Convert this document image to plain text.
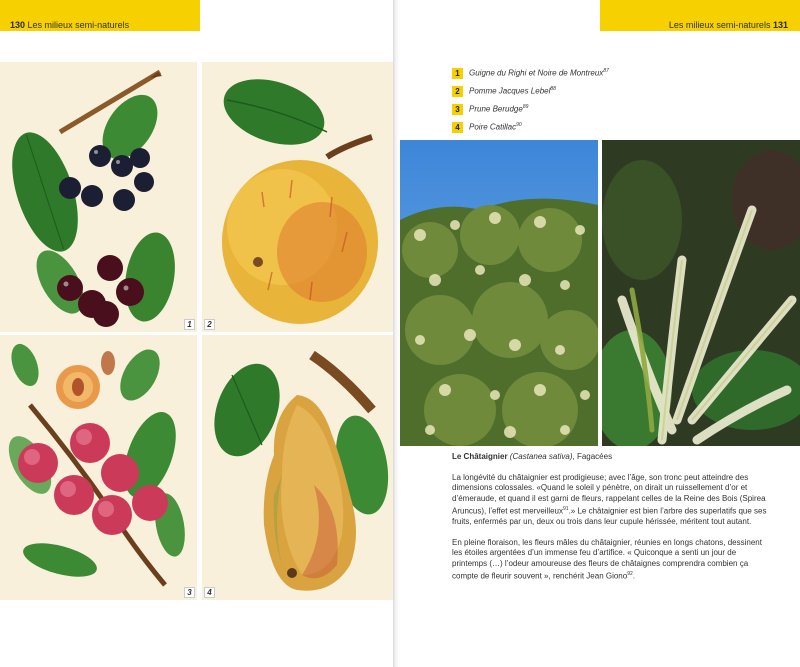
130 Les milieux semi-naturels
1	2
3	4
Les milieux semi-naturels 131
1	Guigne du Righi et Noire de Montreux$^{87}$
2	Pomme Jacques Lebel$^{88}$
3	Prune Berudge$^{89}$
4	Poire Catillac$^{90}$

Le Châtaignier (Castanea sativa), Fagacées

La longévité du châtaignier est prodigieuse; avec l’âge, son tronc peut atteindre des dimensions colossales. «Quand le soleil y pénètre, on dirait un ruissellement d’or et d’émeraude, et quand il est garni de fleurs, rappelant celles de la Reine des Bois (Spirea Aruncus), l’effet est merveilleux$^{91}$.» Le châtaignier est bien l’arbre des superlatifs que ses fruits, enfermés par un, deux ou trois dans leur cupule hérissée, méritent tout autant.

En pleine floraison, les fleurs mâles du châtaignier, réunies en longs chatons, dessinent les étoiles argentées d’un immense feu d’artifice. « Quiconque a senti un jour de printemps (…) l’odeur amoureuse des fleurs de châtaignes comprendra combien ça compte de fleurir souvent », renchérit Jean Giono$^{92}$.
